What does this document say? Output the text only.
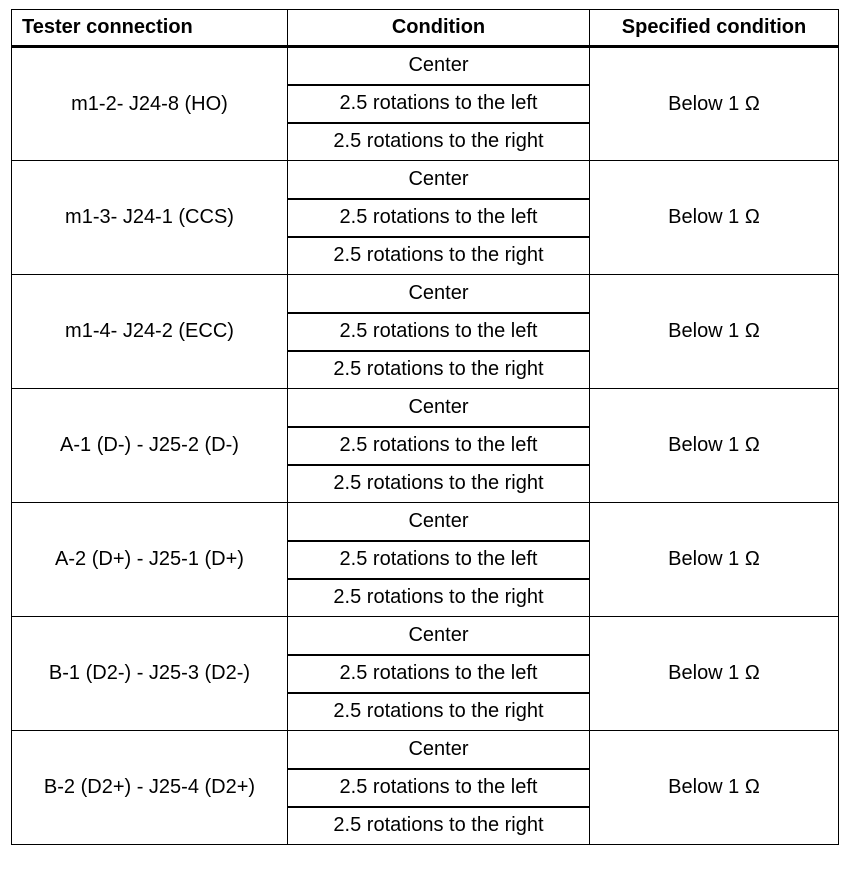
Tester connection	Condition	Specified condition
m1-2- J24-8 (HO)	Center	Below 1 Ω
	2.5 rotations to the left	
	2.5 rotations to the right	
m1-3- J24-1 (CCS)	Center	Below 1 Ω
	2.5 rotations to the left	
	2.5 rotations to the right	
m1-4- J24-2 (ECC)	Center	Below 1 Ω
	2.5 rotations to the left	
	2.5 rotations to the right	
A-1 (D-) - J25-2 (D-)	Center	Below 1 Ω
	2.5 rotations to the left	
	2.5 rotations to the right	
A-2 (D+) - J25-1 (D+)	Center	Below 1 Ω
	2.5 rotations to the left	
	2.5 rotations to the right	
B-1 (D2-) - J25-3 (D2-)	Center	Below 1 Ω
	2.5 rotations to the left	
	2.5 rotations to the right	
B-2 (D2+) - J25-4 (D2+)	Center	Below 1 Ω
	2.5 rotations to the left	
	2.5 rotations to the right	
